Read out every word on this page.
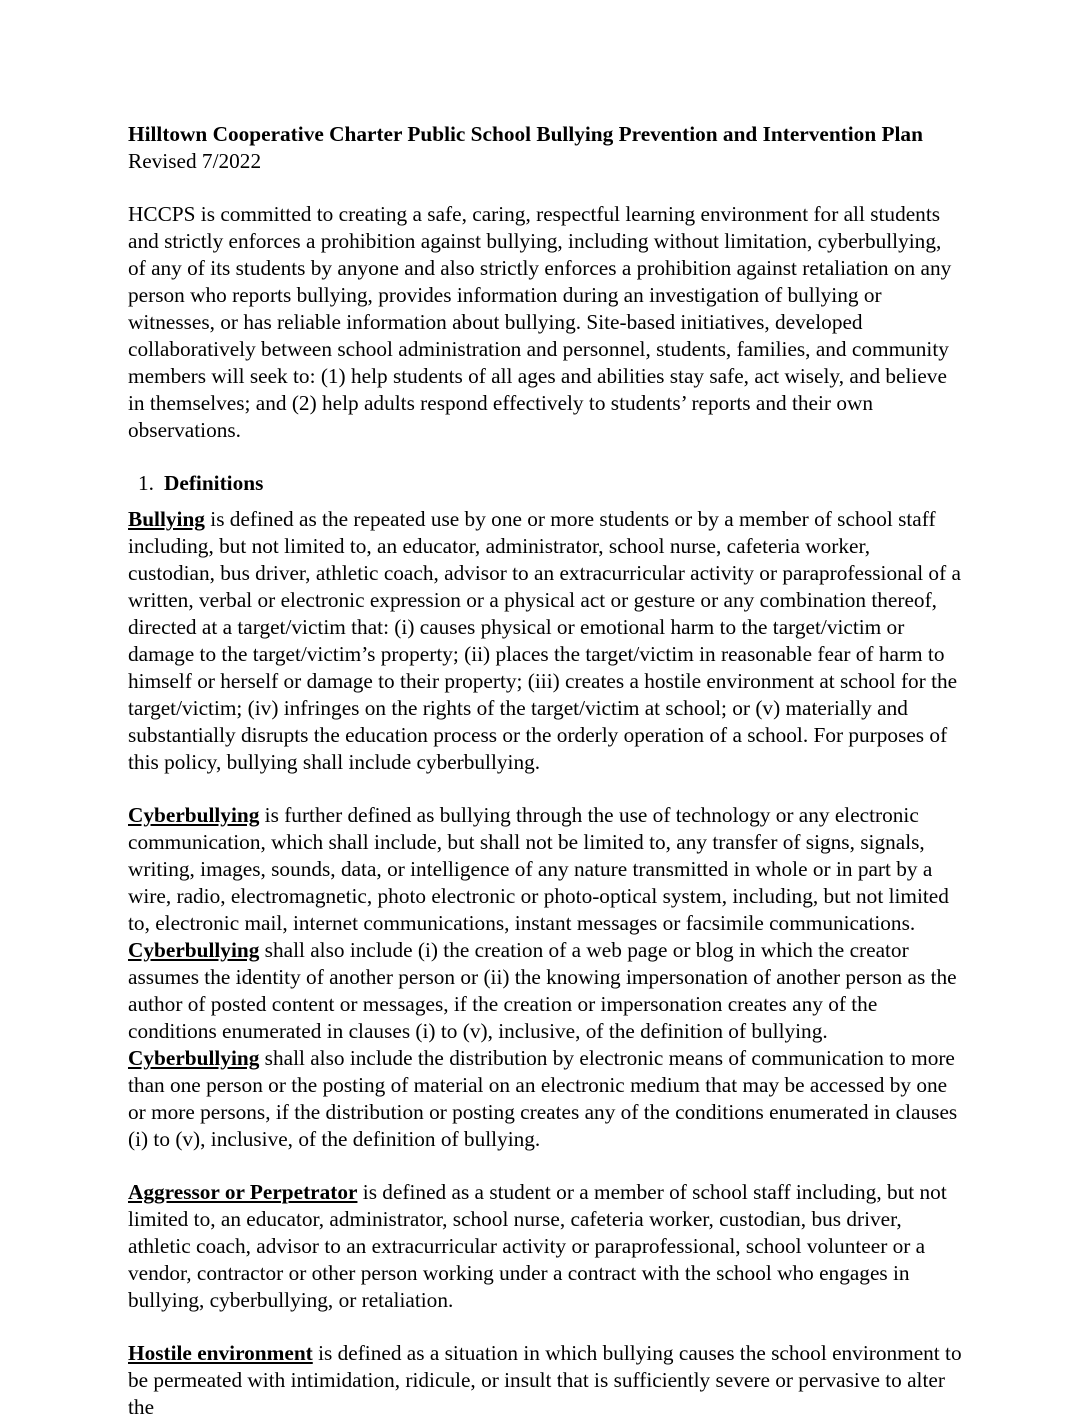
Hilltown Cooperative Charter Public School Bullying Prevention and Intervention Plan
Revised 7/2022

HCCPS is committed to creating a safe, caring, respectful learning environment for all students and strictly enforces a prohibition against bullying, including without limitation, cyberbullying, of any of its students by anyone and also strictly enforces a prohibition against retaliation on any person who reports bullying, provides information during an investigation of bullying or witnesses, or has reliable information about bullying. Site-based initiatives, developed collaboratively between school administration and personnel, students, families, and community members will seek to: (1) help students of all ages and abilities stay safe, act wisely, and believe in themselves; and (2) help adults respond effectively to students’ reports and their own observations.

1. Definitions

Bullying is defined as the repeated use by one or more students or by a member of school staff including, but not limited to, an educator, administrator, school nurse, cafeteria worker, custodian, bus driver, athletic coach, advisor to an extracurricular activity or paraprofessional of a written, verbal or electronic expression or a physical act or gesture or any combination thereof, directed at a target/victim that: (i) causes physical or emotional harm to the target/victim or damage to the target/victim’s property; (ii) places the target/victim in reasonable fear of harm to himself or herself or damage to their property; (iii) creates a hostile environment at school for the target/victim; (iv) infringes on the rights of the target/victim at school; or (v) materially and substantially disrupts the education process or the orderly operation of a school. For purposes of this policy, bullying shall include cyberbullying.

Cyberbullying is further defined as bullying through the use of technology or any electronic communication, which shall include, but shall not be limited to, any transfer of signs, signals, writing, images, sounds, data, or intelligence of any nature transmitted in whole or in part by a wire, radio, electromagnetic, photo electronic or photo-optical system, including, but not limited to, electronic mail, internet communications, instant messages or facsimile communications. Cyberbullying shall also include (i) the creation of a web page or blog in which the creator assumes the identity of another person or (ii) the knowing impersonation of another person as the author of posted content or messages, if the creation or impersonation creates any of the conditions enumerated in clauses (i) to (v), inclusive, of the definition of bullying. Cyberbullying shall also include the distribution by electronic means of communication to more than one person or the posting of material on an electronic medium that may be accessed by one or more persons, if the distribution or posting creates any of the conditions enumerated in clauses (i) to (v), inclusive, of the definition of bullying.

Aggressor or Perpetrator is defined as a student or a member of school staff including, but not limited to, an educator, administrator, school nurse, cafeteria worker, custodian, bus driver, athletic coach, advisor to an extracurricular activity or paraprofessional, school volunteer or a vendor, contractor or other person working under a contract with the school who engages in bullying, cyberbullying, or retaliation.

Hostile environment is defined as a situation in which bullying causes the school environment to be permeated with intimidation, ridicule, or insult that is sufficiently severe or pervasive to alter the
